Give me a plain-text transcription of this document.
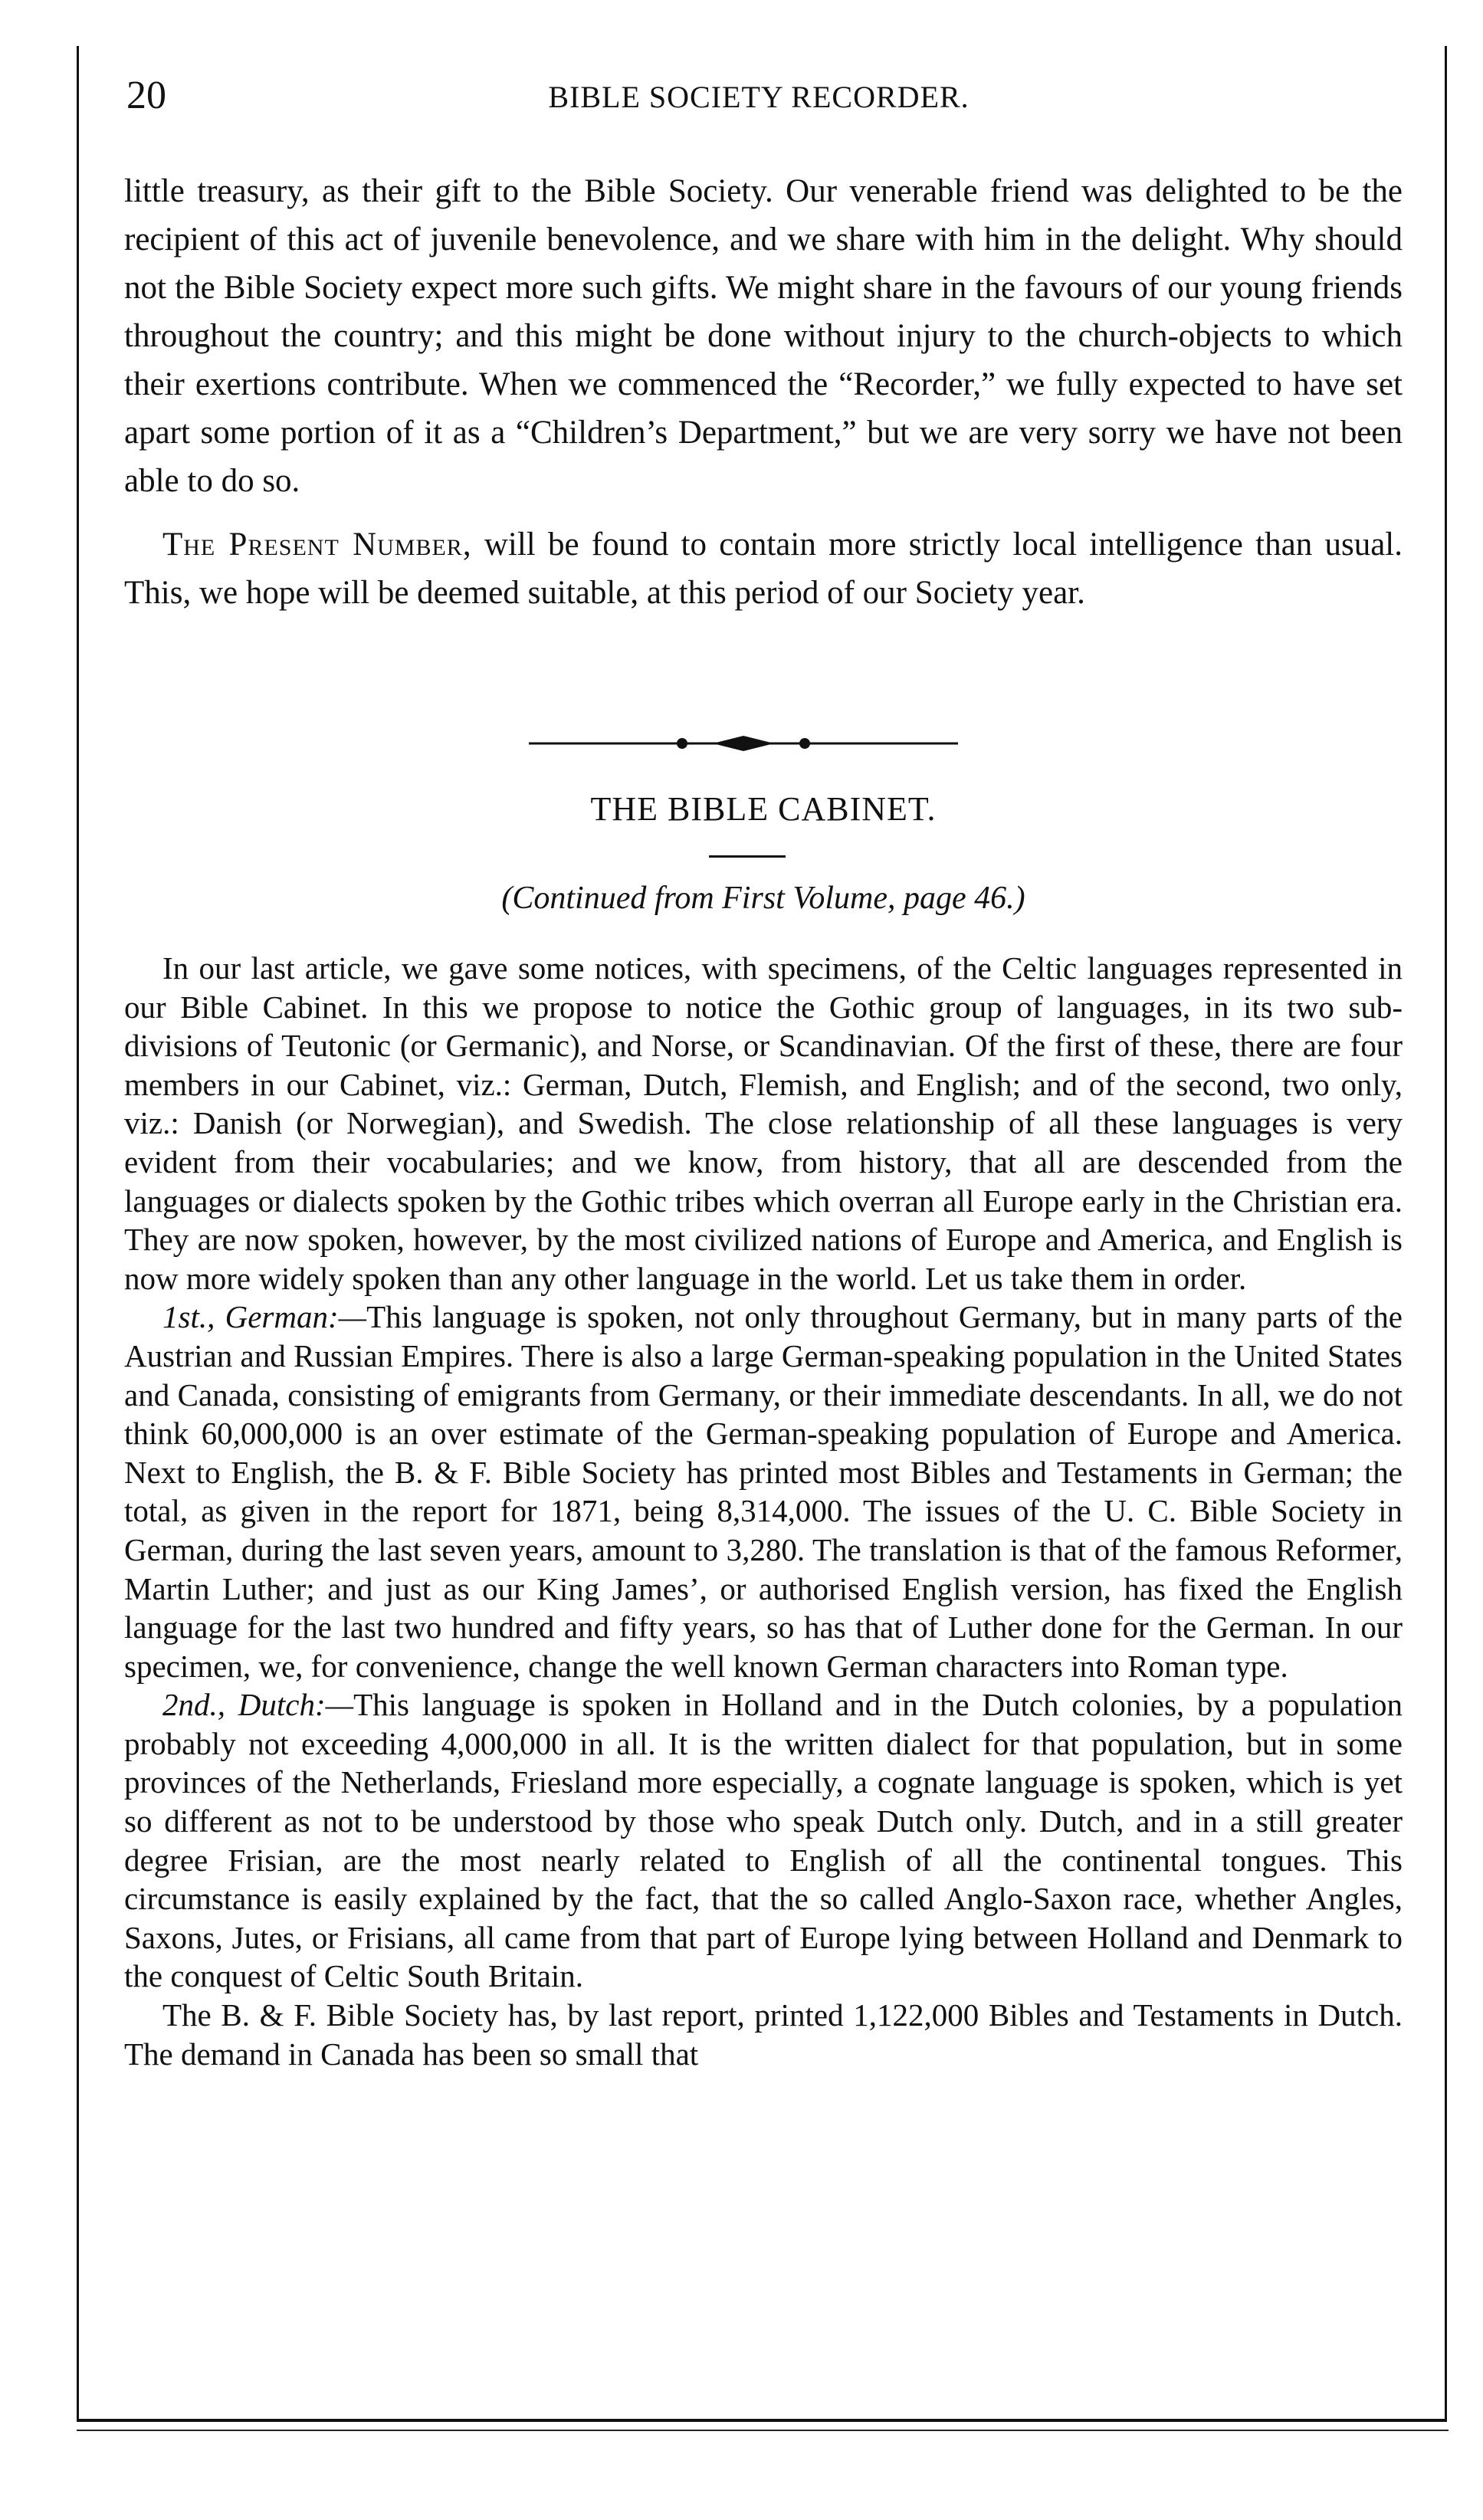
20	BIBLE SOCIETY RECORDER.

little treasury, as their gift to the Bible Society. Our venerable friend was delighted to be the recipient of this act of juvenile benevolence, and we share with him in the delight. Why should not the Bible Society expect more such gifts. We might share in the favours of our young friends throughout the country; and this might be done without injury to the church-objects to which their exertions contribute. When we commenced the “Recorder,” we fully expected to have set apart some portion of it as a “Children’s Department,” but we are very sorry we have not been able to do so.

The Present Number, will be found to contain more strictly local intelligence than usual. This, we hope will be deemed suitable, at this period of our Society year.

THE BIBLE CABINET.
(Continued from First Volume, page 46.)

In our last article, we gave some notices, with specimens, of the Celtic languages represented in our Bible Cabinet. In this we propose to notice the Gothic group of languages, in its two sub-divisions of Teutonic (or Germanic), and Norse, or Scandinavian. Of the first of these, there are four members in our Cabinet, viz.: German, Dutch, Flemish, and English; and of the second, two only, viz.: Danish (or Norwegian), and Swedish. The close relationship of all these languages is very evident from their vocabularies; and we know, from history, that all are descended from the languages or dialects spoken by the Gothic tribes which overran all Europe early in the Christian era. They are now spoken, however, by the most civilized nations of Europe and America, and English is now more widely spoken than any other language in the world. Let us take them in order.

1st., German:—This language is spoken, not only throughout Germany, but in many parts of the Austrian and Russian Empires. There is also a large German-speaking population in the United States and Canada, consisting of emigrants from Germany, or their immediate descendants. In all, we do not think 60,000,000 is an over estimate of the German-speaking population of Europe and America. Next to English, the B. & F. Bible Society has printed most Bibles and Testaments in German; the total, as given in the report for 1871, being 8,314,000. The issues of the U. C. Bible Society in German, during the last seven years, amount to 3,280. The translation is that of the famous Reformer, Martin Luther; and just as our King James’, or authorised English version, has fixed the English language for the last two hundred and fifty years, so has that of Luther done for the German. In our specimen, we, for convenience, change the well known German characters into Roman type.

2nd., Dutch:—This language is spoken in Holland and in the Dutch colonies, by a population probably not exceeding 4,000,000 in all. It is the written dialect for that population, but in some provinces of the Netherlands, Friesland more especially, a cognate language is spoken, which is yet so different as not to be understood by those who speak Dutch only. Dutch, and in a still greater degree Frisian, are the most nearly related to English of all the continental tongues. This circumstance is easily explained by the fact, that the so called Anglo-Saxon race, whether Angles, Saxons, Jutes, or Frisians, all came from that part of Europe lying between Holland and Denmark to the conquest of Celtic South Britain.

The B. & F. Bible Society has, by last report, printed 1,122,000 Bibles and Testaments in Dutch. The demand in Canada has been so small that
